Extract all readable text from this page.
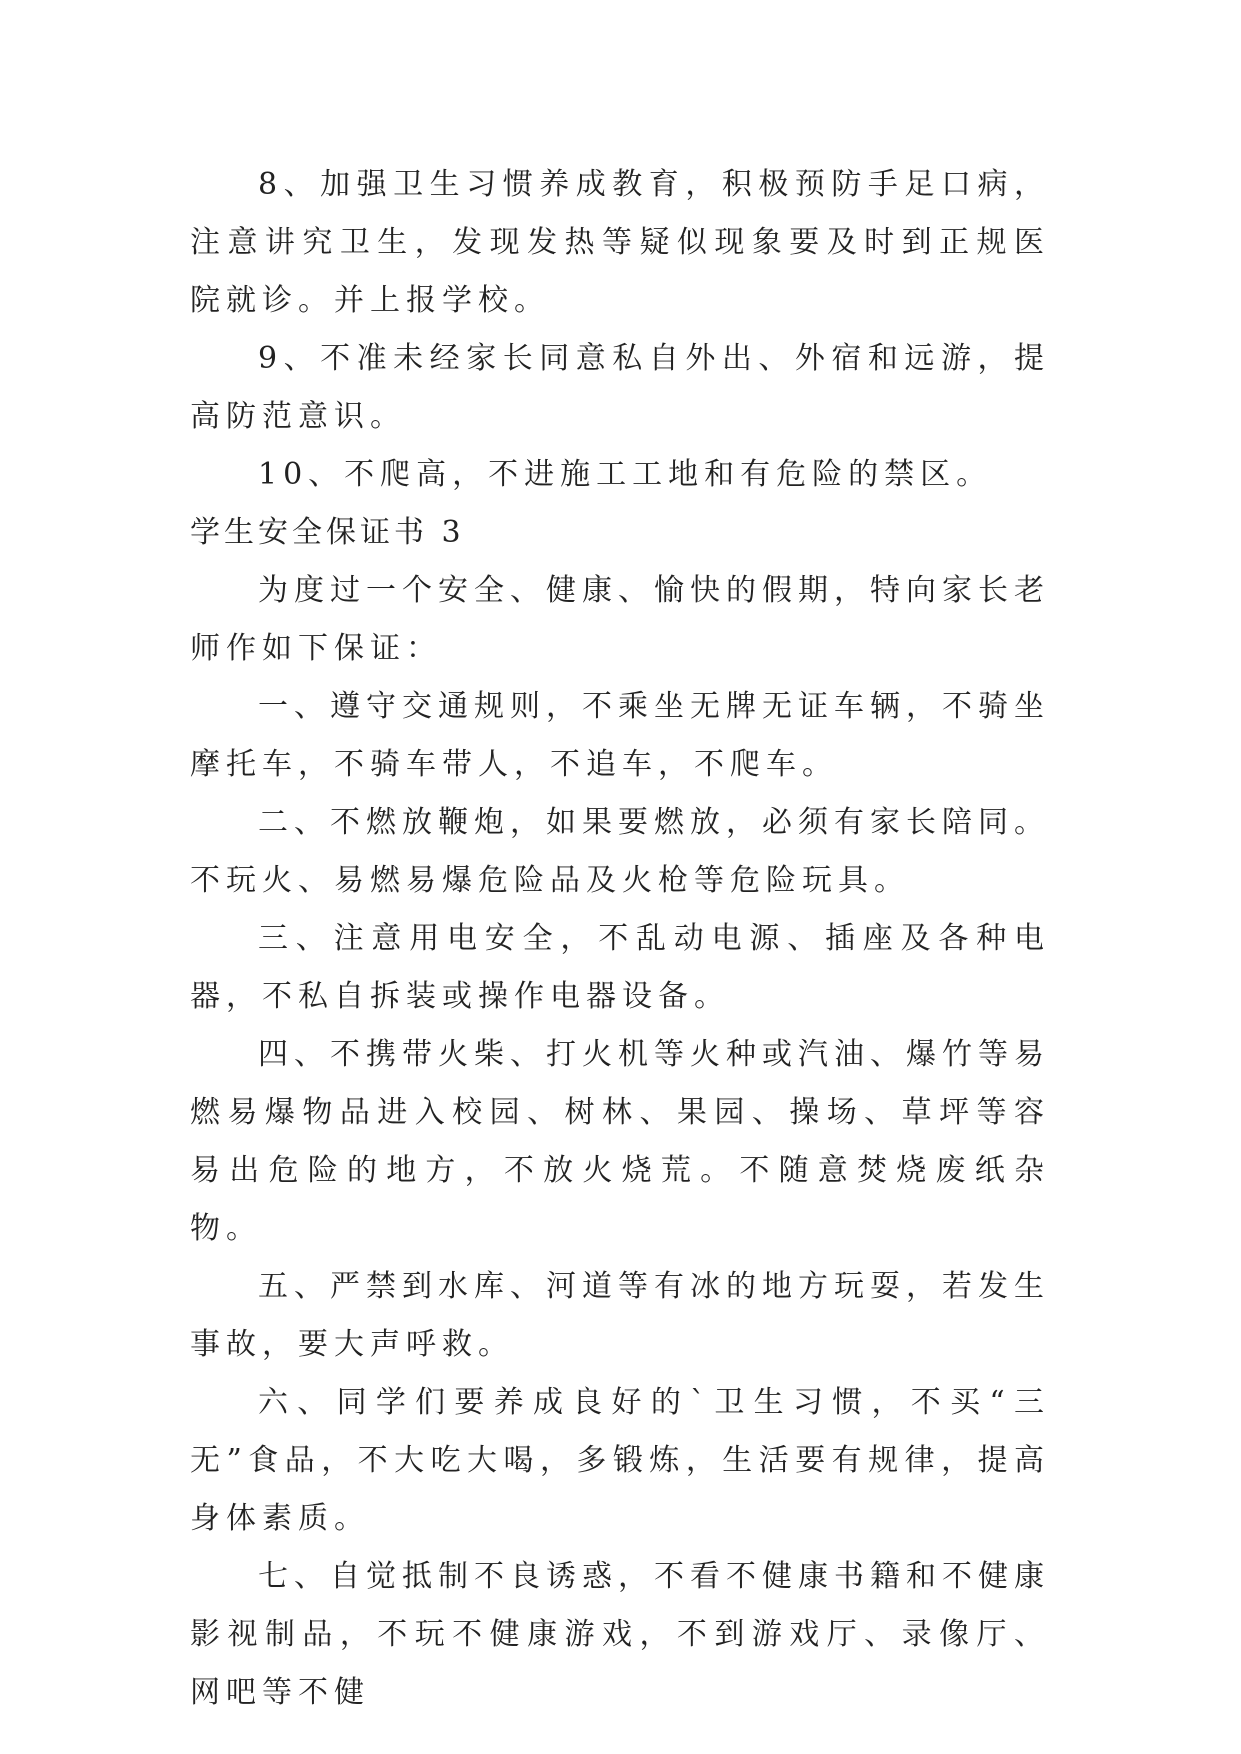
8、加强卫生习惯养成教育，积极预防手足口病，注意讲究卫生，发现发热等疑似现象要及时到正规医院就诊。并上报学校。

9、不准未经家长同意私自外出、外宿和远游，提高防范意识。

10、不爬高，不进施工工地和有危险的禁区。

学生安全保证书 3

为度过一个安全、健康、愉快的假期，特向家长老师作如下保证：

一、遵守交通规则，不乘坐无牌无证车辆，不骑坐摩托车，不骑车带人，不追车，不爬车。

二、不燃放鞭炮，如果要燃放，必须有家长陪同。不玩火、易燃易爆危险品及火枪等危险玩具。

三、注意用电安全，不乱动电源、插座及各种电器，不私自拆装或操作电器设备。

四、不携带火柴、打火机等火种或汽油、爆竹等易燃易爆物品进入校园、树林、果园、操场、草坪等容易出危险的地方，不放火烧荒。不随意焚烧废纸杂物。

五、严禁到水库、河道等有冰的地方玩耍，若发生事故，要大声呼救。

六、同学们要养成良好的`卫生习惯，不买“三无”食品，不大吃大喝，多锻炼，生活要有规律，提高身体素质。

七、自觉抵制不良诱惑，不看不健康书籍和不健康影视制品，不玩不健康游戏，不到游戏厅、录像厅、网吧等不健
